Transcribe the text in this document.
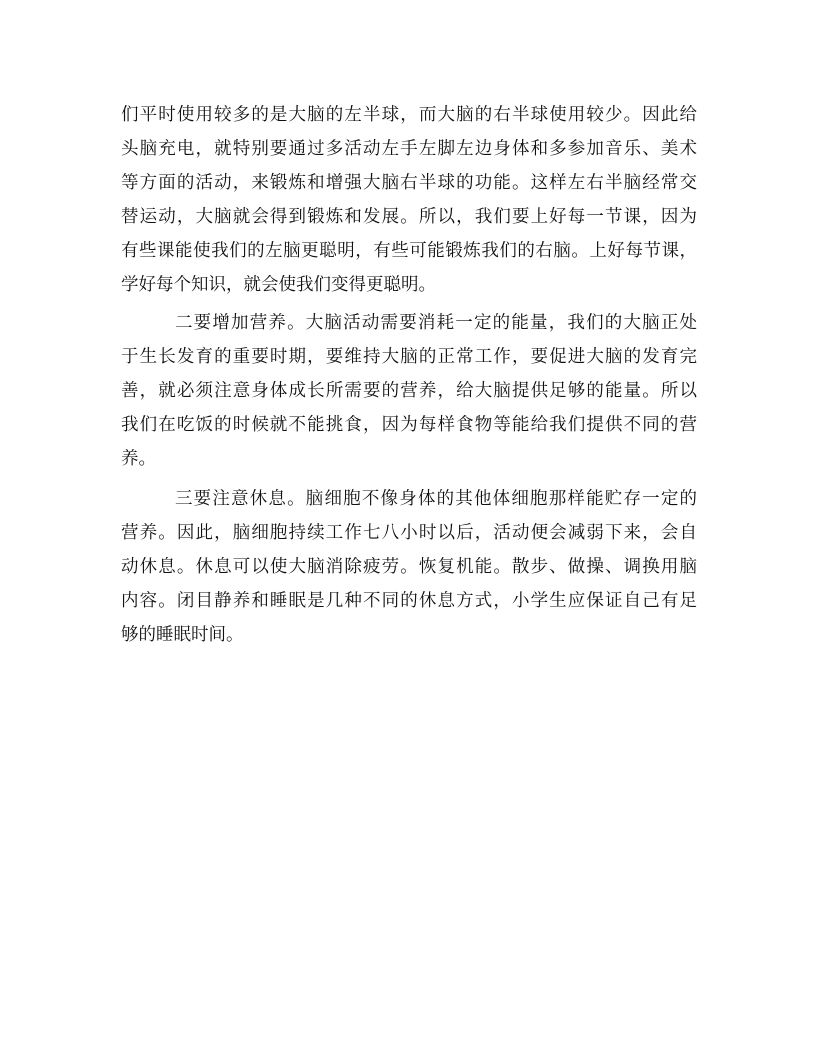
们平时使用较多的是大脑的左半球，而大脑的右半球使用较少。因此给
头脑充电，就特别要通过多活动左手左脚左边身体和多参加音乐、美术
等方面的活动，来锻炼和增强大脑右半球的功能。这样左右半脑经常交
替运动，大脑就会得到锻炼和发展。所以，我们要上好每一节课，因为
有些课能使我们的左脑更聪明，有些可能锻炼我们的右脑。上好每节课，
学好每个知识，就会使我们变得更聪明。

二要增加营养。大脑活动需要消耗一定的能量，我们的大脑正处
于生长发育的重要时期，要维持大脑的正常工作，要促进大脑的发育完
善，就必须注意身体成长所需要的营养，给大脑提供足够的能量。所以
我们在吃饭的时候就不能挑食，因为每样食物等能给我们提供不同的营
养。

三要注意休息。脑细胞不像身体的其他体细胞那样能贮存一定的
营养。因此，脑细胞持续工作七八小时以后，活动便会减弱下来，会自
动休息。休息可以使大脑消除疲劳。恢复机能。散步、做操、调换用脑
内容。闭目静养和睡眠是几种不同的休息方式，小学生应保证自己有足
够的睡眠时间。
